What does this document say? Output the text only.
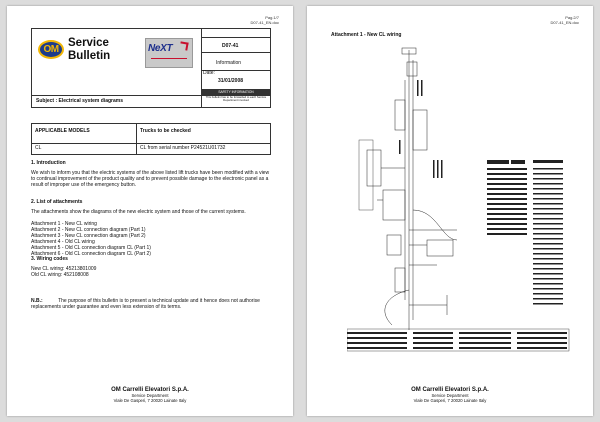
Pag.1/7
D07-41_EN.doc
OM
Service
Bulletin
NeXT	D07-41
Information
Date:
31/01/2008
SAFETY INFORMATION
Subject : Electrical system diagrams
This bulletin has to be forwarded to each Service Department involved
APPLICABLE MODELS	Trucks to be checked
CL	CL from serial number P24521U01732

1. Introduction

We wish to inform you that the electric systems of the above listed lift trucks have been modified with a view to continual improvement of the product quality and to prevent possible damage to the electronic panel as a result of improper use of the emergency button.

2. List of attachments

The attachments show the diagrams of the new electric system and those of the current systems.

Attachment 1 - New CL wiring

Attachment 2 - New CL connection diagram (Part 1)

Attachment 3 - New CL connection diagram (Part 2)

Attachment 4 - Old CL wiring

Attachment 5 - Old CL connection diagram CL (Part 1)

Attachment 6 - Old CL connection diagram CL (Part 2)

3. Wiring codes

New CL wiring: 45213801009

Old CL wiring: 452108008

N.B.:	The purpose of this bulletin is to present a technical update and it hence does not authorise replacements under guarantee and even less extension of its terms.

OM Carrelli Elevatori S.p.A.
Service Department
Viale De Gasperi, 7 20020 Lainate Italy
Pag.2/7
D07-41_EN.doc
Attachment 1 - New CL wiring
OM Carrelli Elevatori S.p.A.
Service Department
Viale De Gasperi, 7 20020 Lainate Italy
